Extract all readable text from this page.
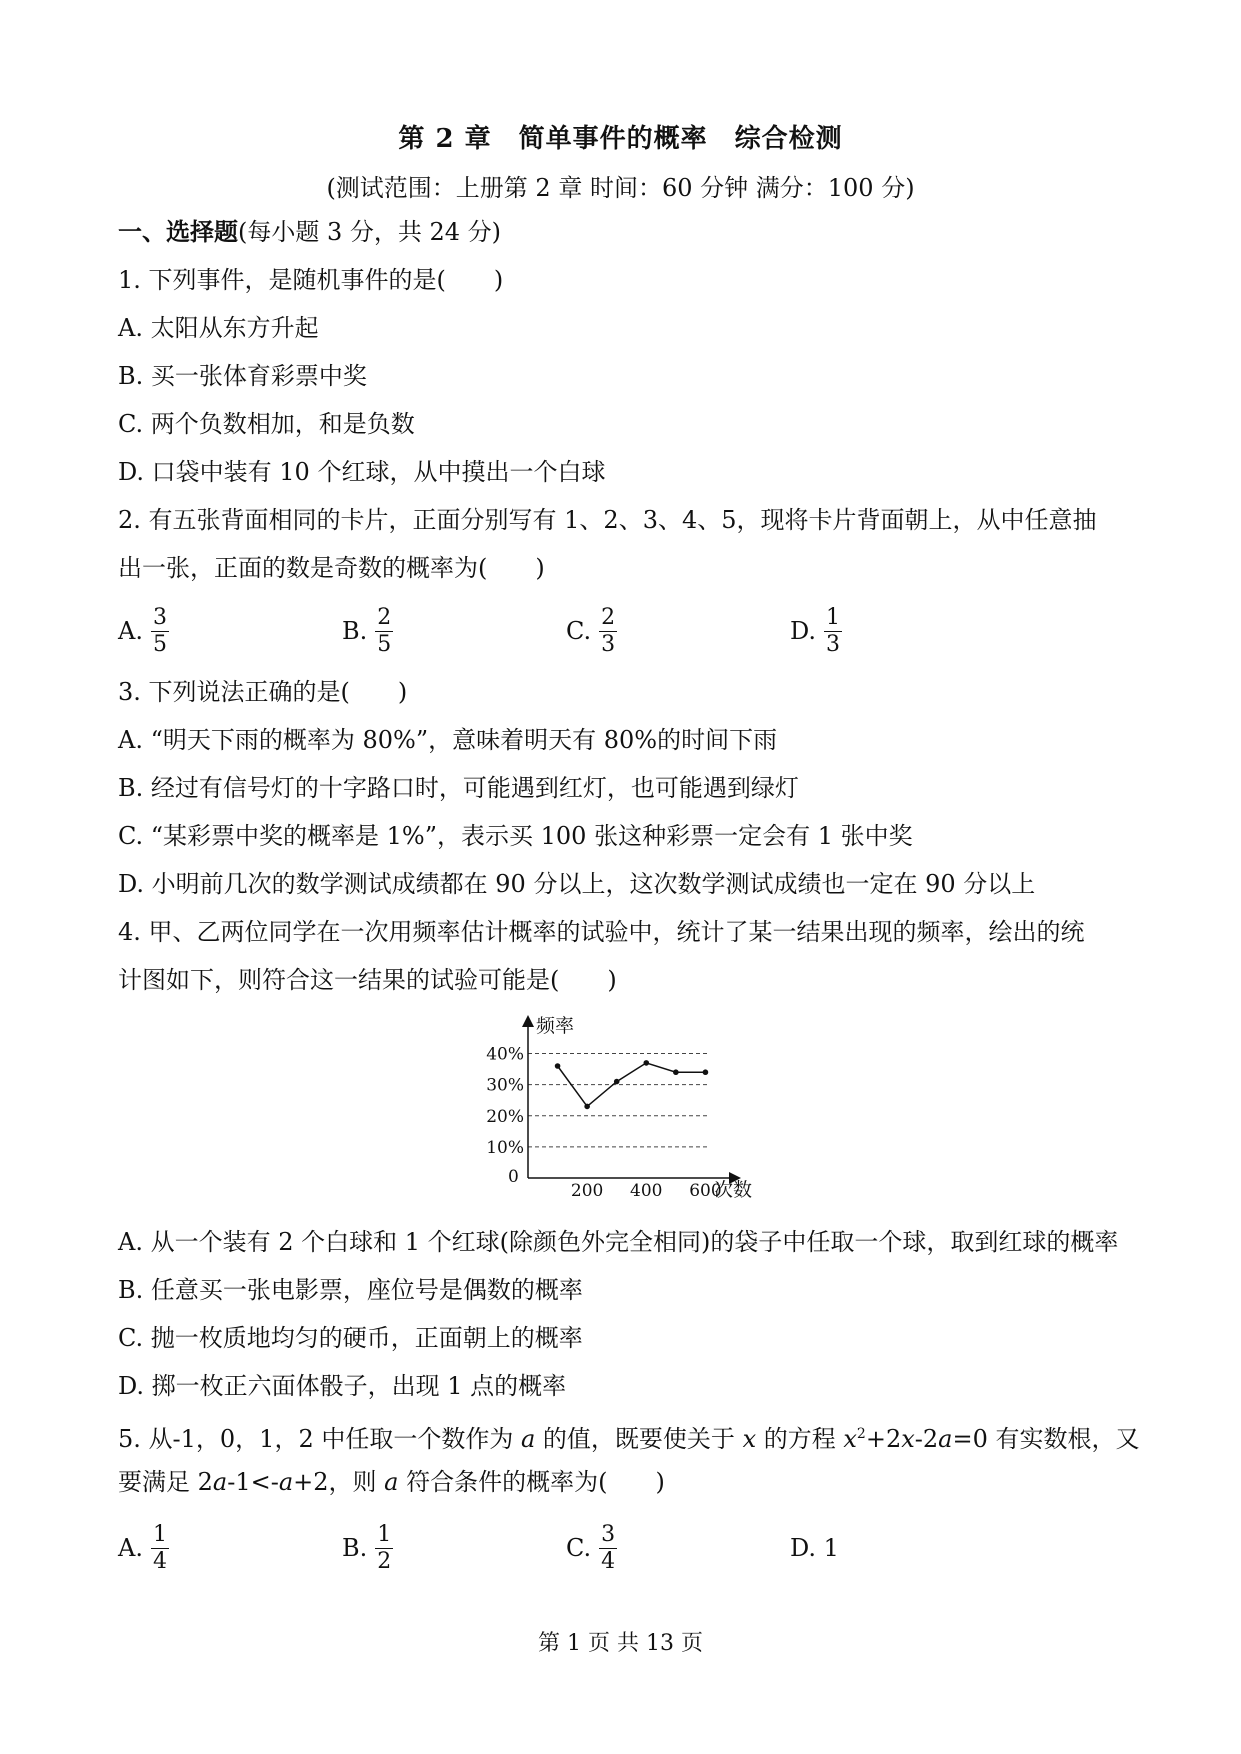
第 2 章　简单事件的概率　综合检测
(测试范围：上册第 2 章 时间：60 分钟 满分：100 分)
一、选择题(每小题 3 分，共 24 分)
1. 下列事件，是随机事件的是(　　)
A. 太阳从东方升起
B. 买一张体育彩票中奖
C. 两个负数相加，和是负数
D. 口袋中装有 10 个红球，从中摸出一个白球
2. 有五张背面相同的卡片，正面分别写有 1、2、3、4、5，现将卡片背面朝上，从中任意抽
出一张，正面的数是奇数的概率为(　　)
A. $\frac{3}{5}$	B. $\frac{2}{5}$	C. $\frac{2}{3}$	D. $\frac{1}{3}$
3. 下列说法正确的是(　　)
A. “明天下雨的概率为 80%”，意味着明天有 80%的时间下雨
B. 经过有信号灯的十字路口时，可能遇到红灯，也可能遇到绿灯
C. “某彩票中奖的概率是 1%”，表示买 100 张这种彩票一定会有 1 张中奖
D. 小明前几次的数学测试成绩都在 90 分以上，这次数学测试成绩也一定在 90 分以上
4. 甲、乙两位同学在一次用频率估计概率的试验中，统计了某一结果出现的频率，绘出的统
计图如下，则符合这一结果的试验可能是(　　)
频率
次数
0
10%
20%
30%
40%
200 400 600
A. 从一个装有 2 个白球和 1 个红球(除颜色外完全相同)的袋子中任取一个球，取到红球的概率
B. 任意买一张电影票，座位号是偶数的概率
C. 抛一枚质地均匀的硬币，正面朝上的概率
D. 掷一枚正六面体骰子，出现 1 点的概率
5. 从-1，0，1，2 中任取一个数作为 a 的值，既要使关于 x 的方程 $x^2+2x-2a=0$ 有实数根，又
要满足 2a-1<-a+2，则 a 符合条件的概率为(　　)
A. $\frac{1}{4}$	B. $\frac{1}{2}$	C. $\frac{3}{4}$	D. 1
第 1 页 共 13 页
